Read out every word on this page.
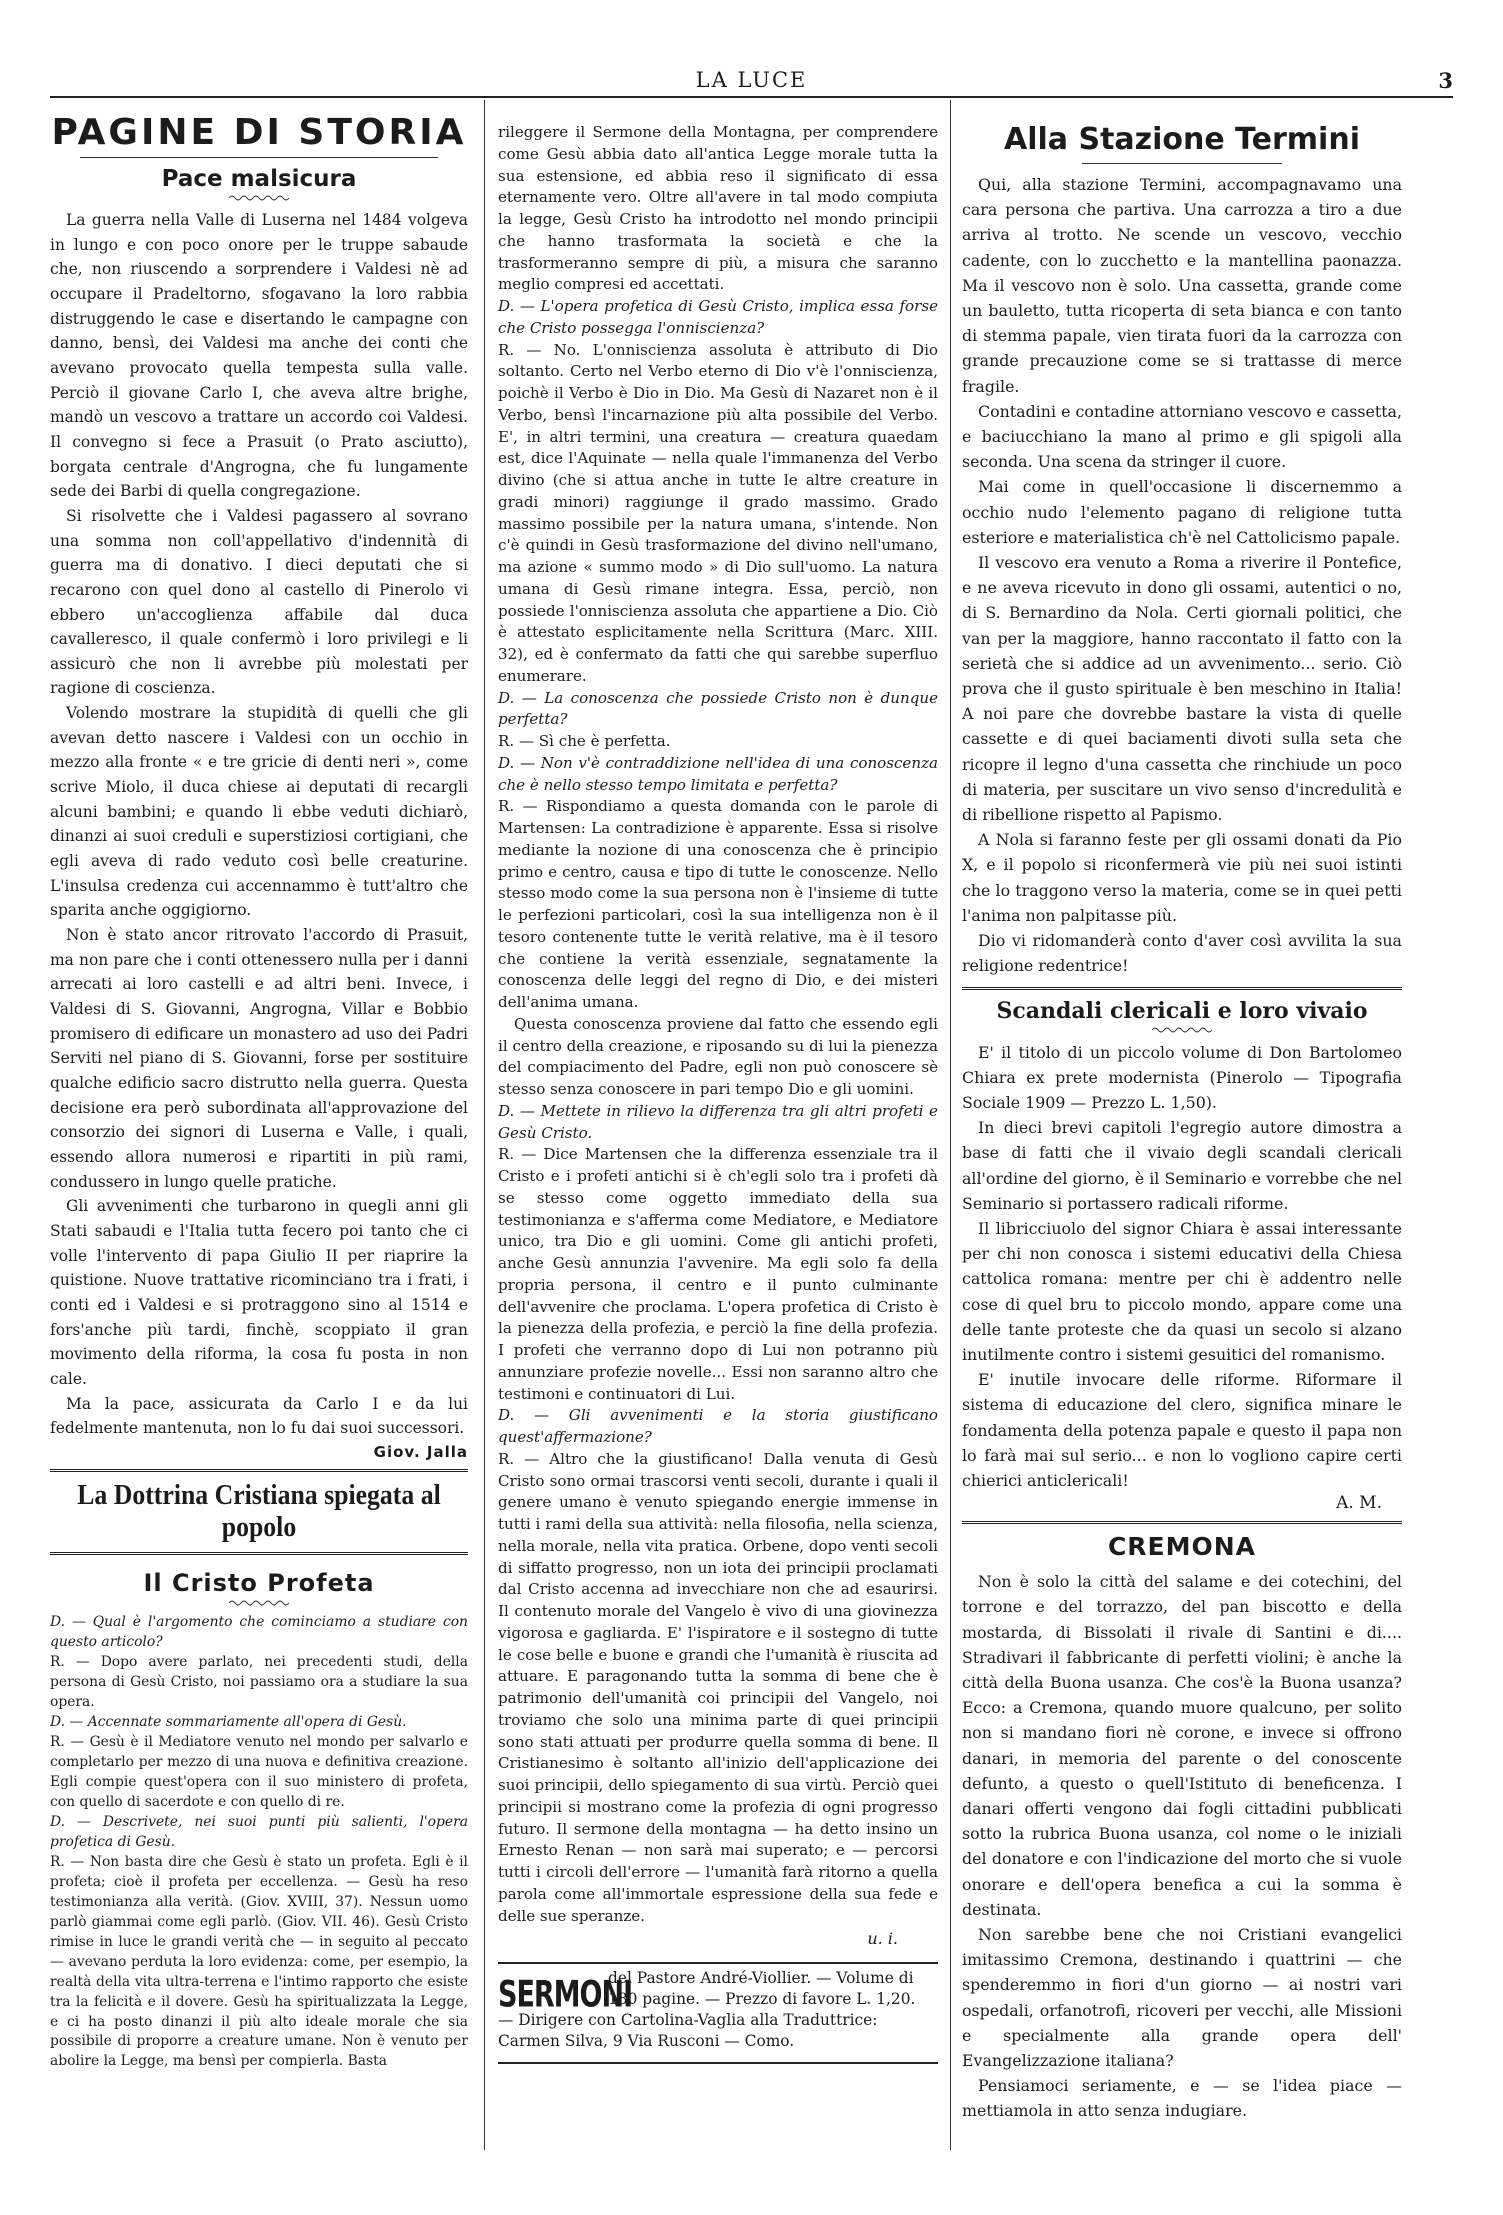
LA LUCE	3
PAGINE DI STORIA
Pace malsicura

La guerra nella Valle di Luserna nel 1484 volgeva in lungo e con poco onore per le truppe sabaude che, non riuscendo a sorprendere i Valdesi nè ad occupare il Pradeltorno, sfogavano la loro rabbia distruggendo le case e disertando le campagne con danno, bensì, dei Valdesi ma anche dei conti che avevano provocato quella tempesta sulla valle. Perciò il giovane Carlo I, che aveva altre brighe, mandò un vescovo a trattare un accordo coi Valdesi. Il convegno si fece a Prasuit (o Prato asciutto), borgata centrale d'Angrogna, che fu lungamente sede dei Barbi di quella congregazione.

Si risolvette che i Valdesi pagassero al sovrano una somma non coll'appellativo d'indennità di guerra ma di donativo. I dieci deputati che si recarono con quel dono al castello di Pinerolo vi ebbero un'accoglienza affabile dal duca cavalleresco, il quale confermò i loro privilegi e li assicurò che non li avrebbe più molestati per ragione di coscienza.

Volendo mostrare la stupidità di quelli che gli avevan detto nascere i Valdesi con un occhio in mezzo alla fronte « e tre gricie di denti neri », come scrive Miolo, il duca chiese ai deputati di recargli alcuni bambini; e quando li ebbe veduti dichiarò, dinanzi ai suoi creduli e superstiziosi cortigiani, che egli aveva di rado veduto così belle creaturine. L'insulsa credenza cui accennammo è tutt'altro che sparita anche oggigiorno.

Non è stato ancor ritrovato l'accordo di Prasuit, ma non pare che i conti ottenessero nulla per i danni arrecati ai loro castelli e ad altri beni. Invece, i Valdesi di S. Giovanni, Angrogna, Villar e Bobbio promisero di edificare un monastero ad uso dei Padri Serviti nel piano di S. Giovanni, forse per sostituire qualche edificio sacro distrutto nella guerra. Questa decisione era però subordinata all'approvazione del consorzio dei signori di Luserna e Valle, i quali, essendo allora numerosi e ripartiti in più rami, condussero in lungo quelle pratiche.

Gli avvenimenti che turbarono in quegli anni gli Stati sabaudi e l'Italia tutta fecero poi tanto che ci volle l'intervento di papa Giulio II per riaprire la quistione. Nuove trattative ricominciano tra i frati, i conti ed i Valdesi e si protraggono sino al 1514 e fors'anche più tardi, finchè, scoppiato il gran movimento della riforma, la cosa fu posta in non cale.

Ma la pace, assicurata da Carlo I e da lui fedelmente mantenuta, non lo fu dai suoi successori.

Giov. Jalla

La Dottrina Cristiana spiegata al popolo
Il Cristo Profeta

D. — Qual è l'argomento che cominciamo a studiare con questo articolo?

R. — Dopo avere parlato, nei precedenti studi, della persona di Gesù Cristo, noi passiamo ora a studiare la sua opera.

D. — Accennate sommariamente all'opera di Gesù.

R. — Gesù è il Mediatore venuto nel mondo per salvarlo e completarlo per mezzo di una nuova e definitiva creazione. Egli compie quest'opera con il suo ministero di profeta, con quello di sacerdote e con quello di re.

D. — Descrivete, nei suoi punti più salienti, l'opera profetica di Gesù.

R. — Non basta dire che Gesù è stato un profeta. Egli è il profeta; cioè il profeta per eccellenza. — Gesù ha reso testimonianza alla verità. (Giov. XVIII, 37). Nessun uomo parlò giammai come egli parlò. (Giov. VII. 46). Gesù Cristo rimise in luce le grandi verità che — in seguito al peccato — avevano perduta la loro evidenza: come, per esempio, la realtà della vita ultra-terrena e l'intimo rapporto che esiste tra la felicità e il dovere. Gesù ha spiritualizzata la Legge, e ci ha posto dinanzi il più alto ideale morale che sia possibile di proporre a creature umane. Non è venuto per abolire la Legge, ma bensì per compierla. Basta

rileggere il Sermone della Montagna, per comprendere come Gesù abbia dato all'antica Legge morale tutta la sua estensione, ed abbia reso il significato di essa eternamente vero. Oltre all'avere in tal modo compiuta la legge, Gesù Cristo ha introdotto nel mondo principii che hanno trasformata la società e che la trasformeranno sempre di più, a misura che saranno meglio compresi ed accettati.

D. — L'opera profetica di Gesù Cristo, implica essa forse che Cristo possegga l'onniscienza?

R. — No. L'onniscienza assoluta è attributo di Dio soltanto. Certo nel Verbo eterno di Dio v'è l'onniscienza, poichè il Verbo è Dio in Dio. Ma Gesù di Nazaret non è il Verbo, bensì l'incarnazione più alta possibile del Verbo. E', in altri termini, una creatura — creatura quaedam est, dice l'Aquinate — nella quale l'immanenza del Verbo divino (che si attua anche in tutte le altre creature in gradi minori) raggiunge il grado massimo. Grado massimo possibile per la natura umana, s'intende. Non c'è quindi in Gesù trasformazione del divino nell'umano, ma azione « summo modo » di Dio sull'uomo. La natura umana di Gesù rimane integra. Essa, perciò, non possiede l'onniscienza assoluta che appartiene a Dio. Ciò è attestato esplicitamente nella Scrittura (Marc. XIII. 32), ed è confermato da fatti che qui sarebbe superfluo enumerare.

D. — La conoscenza che possiede Cristo non è dunque perfetta?

R. — Sì che è perfetta.

D. — Non v'è contraddizione nell'idea di una conoscenza che è nello stesso tempo limitata e perfetta?

R. — Rispondiamo a questa domanda con le parole di Martensen: La contradizione è apparente. Essa si risolve mediante la nozione di una conoscenza che è principio primo e centro, causa e tipo di tutte le conoscenze. Nello stesso modo come la sua persona non è l'insieme di tutte le perfezioni particolari, così la sua intelligenza non è il tesoro contenente tutte le verità relative, ma è il tesoro che contiene la verità essenziale, segnatamente la conoscenza delle leggi del regno di Dio, e dei misteri dell'anima umana.

Questa conoscenza proviene dal fatto che essendo egli il centro della creazione, e riposando su di lui la pienezza del compiacimento del Padre, egli non può conoscere sè stesso senza conoscere in pari tempo Dio e gli uomini.

D. — Mettete in rilievo la differenza tra gli altri profeti e Gesù Cristo.

R. — Dice Martensen che la differenza essenziale tra il Cristo e i profeti antichi si è ch'egli solo tra i profeti dà se stesso come oggetto immediato della sua testimonianza e s'afferma come Mediatore, e Mediatore unico, tra Dio e gli uomini. Come gli antichi profeti, anche Gesù annunzia l'avvenire. Ma egli solo fa della propria persona, il centro e il punto culminante dell'avvenire che proclama. L'opera profetica di Cristo è la pienezza della profezia, e perciò la fine della profezia. I profeti che verranno dopo di Lui non potranno più annunziare profezie novelle... Essi non saranno altro che testimoni e continuatori di Lui.

D. — Gli avvenimenti e la storia giustificano quest'affermazione?

R. — Altro che la giustificano! Dalla venuta di Gesù Cristo sono ormai trascorsi venti secoli, durante i quali il genere umano è venuto spiegando energie immense in tutti i rami della sua attività: nella filosofia, nella scienza, nella morale, nella vita pratica. Orbene, dopo venti secoli di siffatto progresso, non un iota dei principii proclamati dal Cristo accenna ad invecchiare non che ad esaurirsi. Il contenuto morale del Vangelo è vivo di una giovinezza vigorosa e gagliarda. E' l'ispiratore e il sostegno di tutte le cose belle e buone e grandi che l'umanità è riuscita ad attuare. E paragonando tutta la somma di bene che è patrimonio dell'umanità coi principii del Vangelo, noi troviamo che solo una minima parte di quei principii sono stati attuati per produrre quella somma di bene. Il Cristianesimo è soltanto all'inizio dell'applicazione dei suoi principii, dello spiegamento di sua virtù. Perciò quei principii si mostrano come la profezia di ogni progresso futuro. Il sermone della montagna — ha detto insino un Ernesto Renan — non sarà mai superato; e — percorsi tutti i circoli dell'errore — l'umanità farà ritorno a quella parola come all'immortale espressione della sua fede e delle sue speranze.

u. i.

SERMONI
del Pastore André-Viollier. — Volume di 180 pagine. — Prezzo di favore L. 1,20.
— Dirigere con Cartolina-Vaglia alla Traduttrice: Carmen Silva, 9 Via Rusconi — Como.
Alla Stazione Termini

Qui, alla stazione Termini, accompagnavamo una cara persona che partiva. Una carrozza a tiro a due arriva al trotto. Ne scende un vescovo, vecchio cadente, con lo zucchetto e la mantellina paonazza. Ma il vescovo non è solo. Una cassetta, grande come un bauletto, tutta ricoperta di seta bianca e con tanto di stemma papale, vien tirata fuori da la carrozza con grande precauzione come se si trattasse di merce fragile.

Contadini e contadine attorniano vescovo e cassetta, e baciucchiano la mano al primo e gli spigoli alla seconda. Una scena da stringer il cuore.

Mai come in quell'occasione li discernemmo a occhio nudo l'elemento pagano di religione tutta esteriore e materialistica ch'è nel Cattolicismo papale.

Il vescovo era venuto a Roma a riverire il Pontefice, e ne aveva ricevuto in dono gli ossami, autentici o no, di S. Bernardino da Nola. Certi giornali politici, che van per la maggiore, hanno raccontato il fatto con la serietà che si addice ad un avvenimento... serio. Ciò prova che il gusto spirituale è ben meschino in Italia! A noi pare che dovrebbe bastare la vista di quelle cassette e di quei baciamenti divoti sulla seta che ricopre il legno d'una cassetta che rinchiude un poco di materia, per suscitare un vivo senso d'incredulità e di ribellione rispetto al Papismo.

A Nola si faranno feste per gli ossami donati da Pio X, e il popolo si riconfermerà vie più nei suoi istinti che lo traggono verso la materia, come se in quei petti l'anima non palpitasse più.

Dio vi ridomanderà conto d'aver così avvilita la sua religione redentrice!

Scandali clericali e loro vivaio

E' il titolo di un piccolo volume di Don Bartolomeo Chiara ex prete modernista (Pinerolo — Tipografia Sociale 1909 — Prezzo L. 1,50).

In dieci brevi capitoli l'egregio autore dimostra a base di fatti che il vivaio degli scandali clericali all'ordine del giorno, è il Seminario e vorrebbe che nel Seminario si portassero radicali riforme.

Il libricciuolo del signor Chiara è assai interessante per chi non conosca i sistemi educativi della Chiesa cattolica romana: mentre per chi è addentro nelle cose di quel bru to piccolo mondo, appare come una delle tante proteste che da quasi un secolo si alzano inutilmente contro i sistemi gesuitici del romanismo.

E' inutile invocare delle riforme. Riformare il sistema di educazione del clero, significa minare le fondamenta della potenza papale e questo il papa non lo farà mai sul serio... e non lo vogliono capire certi chierici anticlericali!

A. M.

CREMONA

Non è solo la città del salame e dei cotechini, del torrone e del torrazzo, del pan biscotto e della mostarda, di Bissolati il rivale di Santini e di.... Stradivari il fabbricante di perfetti violini; è anche la città della Buona usanza. Che cos'è la Buona usanza? Ecco: a Cremona, quando muore qualcuno, per solito non si mandano fiori nè corone, e invece si offrono danari, in memoria del parente o del conoscente defunto, a questo o quell'Istituto di beneficenza. I danari offerti vengono dai fogli cittadini pubblicati sotto la rubrica Buona usanza, col nome o le iniziali del donatore e con l'indicazione del morto che si vuole onorare e dell'opera benefica a cui la somma è destinata.

Non sarebbe bene che noi Cristiani evangelici imitassimo Cremona, destinando i quattrini — che spenderemmo in fiori d'un giorno — ai nostri vari ospedali, orfanotrofi, ricoveri per vecchi, alle Missioni e specialmente alla grande opera dell' Evangelizzazione italiana?

Pensiamoci seriamente, e — se l'idea piace — mettiamola in atto senza indugiare.
